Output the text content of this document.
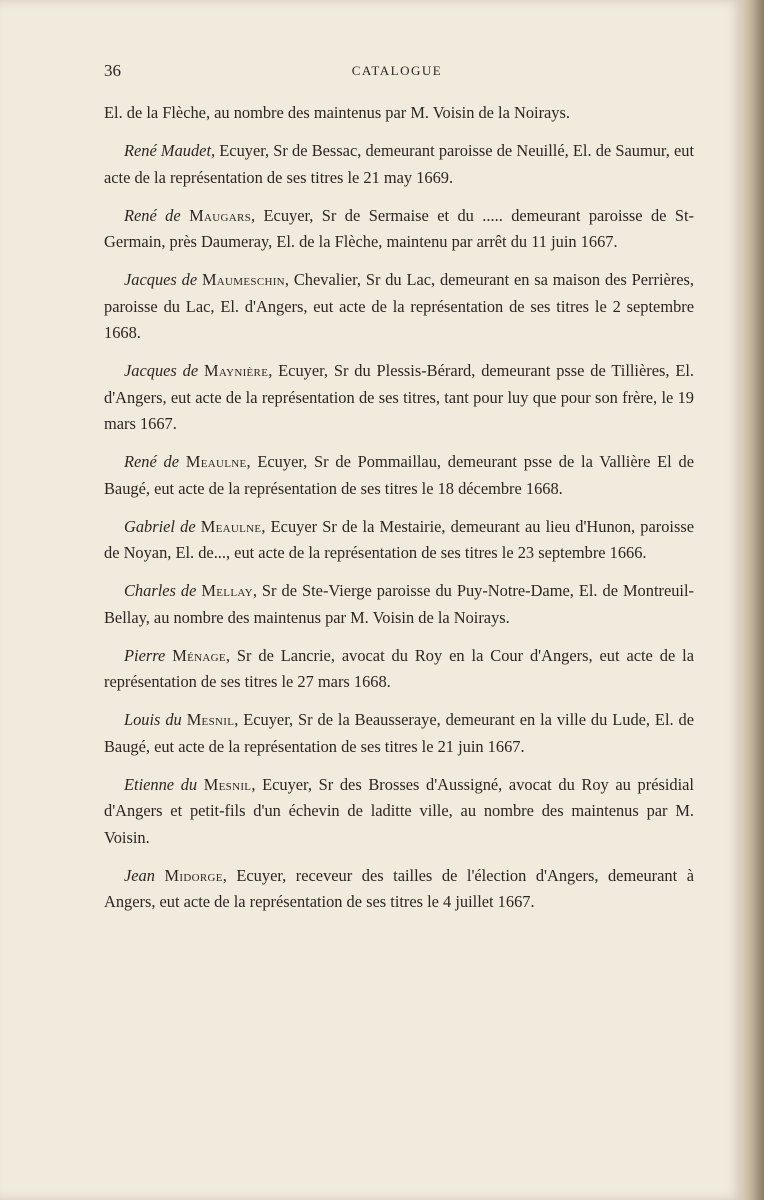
36	CATALOGUE

El. de la Flèche, au nombre des maintenus par M. Voisin de la Noirays.

René Maudet, Ecuyer, Sr de Bessac, demeurant paroisse de Neuillé, El. de Saumur, eut acte de la représentation de ses titres le 21 may 1669.

René de Maugars, Ecuyer, Sr de Sermaise et du ..... demeurant paroisse de St-Germain, près Daumeray, El. de la Flèche, maintenu par arrêt du 11 juin 1667.

Jacques de Maumeschin, Chevalier, Sr du Lac, demeurant en sa maison des Perrières, paroisse du Lac, El. d'Angers, eut acte de la représentation de ses titres le 2 septembre 1668.

Jacques de Maynière, Ecuyer, Sr du Plessis-Bérard, demeurant psse de Tillières, El. d'Angers, eut acte de la représentation de ses titres, tant pour luy que pour son frère, le 19 mars 1667.

René de Meaulne, Ecuyer, Sr de Pommaillau, demeurant psse de la Vallière El de Baugé, eut acte de la représentation de ses titres le 18 décembre 1668.

Gabriel de Meaulne, Ecuyer Sr de la Mestairie, demeurant au lieu d'Hunon, paroisse de Noyan, El. de..., eut acte de la représentation de ses titres le 23 septembre 1666.

Charles de Mellay, Sr de Ste-Vierge paroisse du Puy-Notre-Dame, El. de Montreuil-Bellay, au nombre des maintenus par M. Voisin de la Noirays.

Pierre Ménage, Sr de Lancrie, avocat du Roy en la Cour d'Angers, eut acte de la représentation de ses titres le 27 mars 1668.

Louis du Mesnil, Ecuyer, Sr de la Beausseraye, demeurant en la ville du Lude, El. de Baugé, eut acte de la représentation de ses titres le 21 juin 1667.

Etienne du Mesnil, Ecuyer, Sr des Brosses d'Aussigné, avocat du Roy au présidial d'Angers et petit-fils d'un échevin de laditte ville, au nombre des maintenus par M. Voisin.

Jean Midorge, Ecuyer, receveur des tailles de l'élection d'Angers, demeurant à Angers, eut acte de la représentation de ses titres le 4 juillet 1667.
